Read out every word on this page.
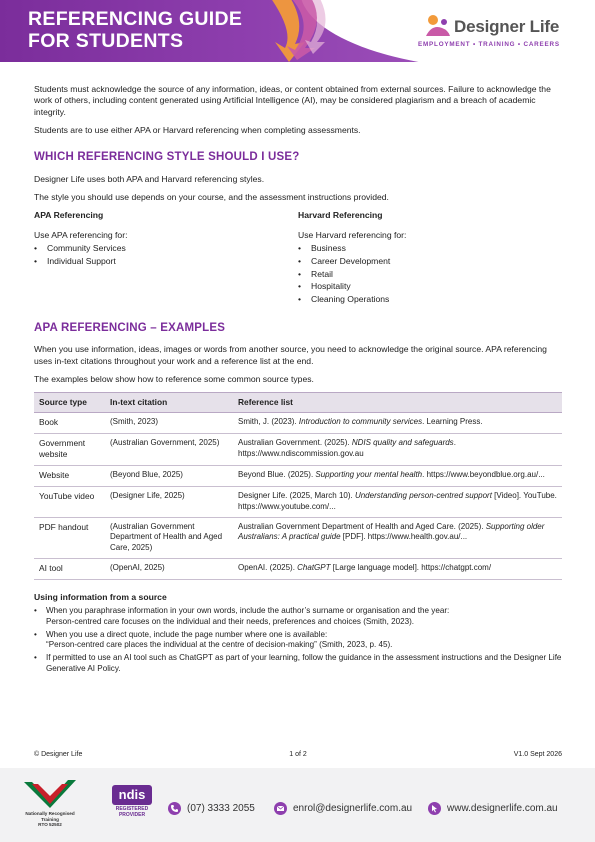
REFERENCING GUIDE
FOR STUDENTS
Designer Life
EMPLOYMENT • TRAINING • CAREERS

Students must acknowledge the source of any information, ideas, or content obtained from external sources. Failure to acknowledge the work of others, including content generated using Artificial Intelligence (AI), may be considered plagiarism and a breach of academic integrity.

Students are to use either APA or Harvard referencing when completing assessments.

WHICH REFERENCING STYLE SHOULD I USE?

Designer Life uses both APA and Harvard referencing styles.

The style you should use depends on your course, and the assessment instructions provided.

APA Referencing
Use APA referencing for:
• Community Services
• Individual Support
Harvard Referencing
Use Harvard referencing for:
• Business
• Career Development
• Retail
• Hospitality
• Cleaning Operations
APA REFERENCING – EXAMPLES

When you use information, ideas, images or words from another source, you need to acknowledge the original source. APA referencing uses in-text citations throughout your work and a reference list at the end.

The examples below show how to reference some common source types.

Source type	In-text citation	Reference list
Book	(Smith, 2023)	Smith, J. (2023). Introduction to community services. Learning Press.
Government website	(Australian Government, 2025)	Australian Government. (2025). NDIS quality and safeguards. https://www.ndiscommission.gov.au
Website	(Beyond Blue, 2025)	Beyond Blue. (2025). Supporting your mental health. https://www.beyondblue.org.au/...
YouTube video	(Designer Life, 2025)	Designer Life. (2025, March 10). Understanding person-centred support [Video]. YouTube. https://www.youtube.com/...
PDF handout	(Australian Government Department of Health and Aged Care, 2025)	Australian Government Department of Health and Aged Care. (2025). Supporting older Australians: A practical guide [PDF]. https://www.health.gov.au/...
AI tool	(OpenAI, 2025)	OpenAI. (2025). ChatGPT [Large language model]. https://chatgpt.com/
Using information from a source
• When you paraphrase information in your own words, include the author’s surname or organisation and the year:
Person-centred care focuses on the individual and their needs, preferences and choices (Smith, 2023).
• When you use a direct quote, include the page number where one is available:
“Person-centred care places the individual at the centre of decision-making” (Smith, 2023, p. 45).
• If permitted to use an AI tool such as ChatGPT as part of your learning, follow the guidance in the assessment instructions and the Designer Life Generative AI Policy.
© Designer Life	1 of 2	V1.0 Sept 2026
Nationally Recognised
Training
RTO 52502
ndis
REGISTERED
PROVIDER
(07) 3333 2055	enrol@designerlife.com.au	www.designerlife.com.au
